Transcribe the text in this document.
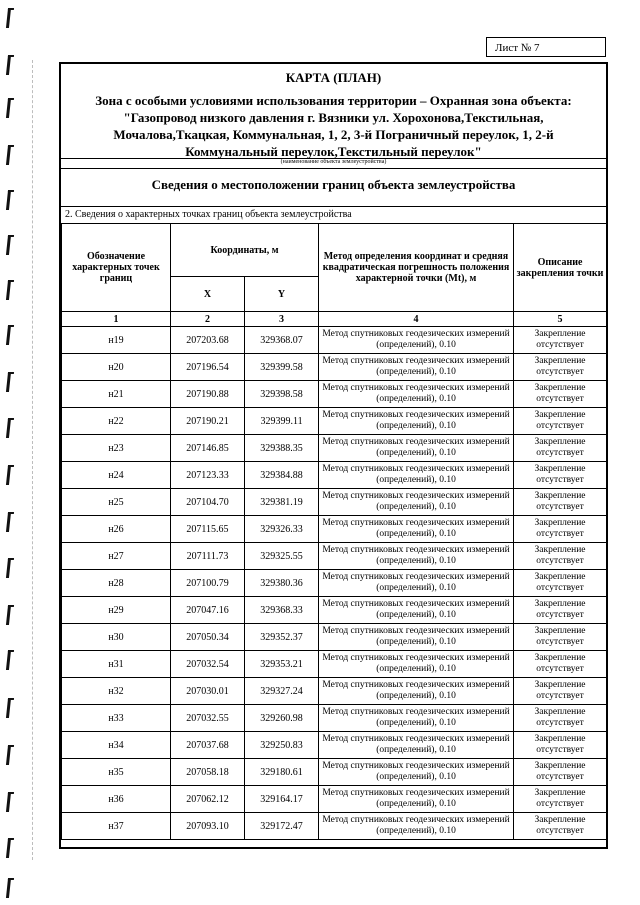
Лист № 7
КАРТА (ПЛАН)
Зона с особыми условиями использования территории – Охранная зона объекта: "Газопровод низкого давления г. Вязники ул. Хорохонова,Текстильная, Мочалова,Ткацкая, Коммунальная, 1, 2, 3-й Пограничный переулок, 1, 2-й Коммунальный переулок,Текстильный переулок"
(наименование объекта землеустройства)
Сведения о местоположении границ объекта землеустройства
2. Сведения о характерных точках границ объекта землеустройства
Обозначение характерных точек границ	Координаты, м		Метод определения координат и средняя квадратическая погрешность положения характерной точки (Mt), м	Описание закрепления точки
	X	Y		
1	2	3	4	5
н19	207203.68	329368.07	Метод спутниковых геодезических измерений (определений), 0.10	Закрепление отсутствует
н20	207196.54	329399.58	Метод спутниковых геодезических измерений (определений), 0.10	Закрепление отсутствует
н21	207190.88	329398.58	Метод спутниковых геодезических измерений (определений), 0.10	Закрепление отсутствует
н22	207190.21	329399.11	Метод спутниковых геодезических измерений (определений), 0.10	Закрепление отсутствует
н23	207146.85	329388.35	Метод спутниковых геодезических измерений (определений), 0.10	Закрепление отсутствует
н24	207123.33	329384.88	Метод спутниковых геодезических измерений (определений), 0.10	Закрепление отсутствует
н25	207104.70	329381.19	Метод спутниковых геодезических измерений (определений), 0.10	Закрепление отсутствует
н26	207115.65	329326.33	Метод спутниковых геодезических измерений (определений), 0.10	Закрепление отсутствует
н27	207111.73	329325.55	Метод спутниковых геодезических измерений (определений), 0.10	Закрепление отсутствует
н28	207100.79	329380.36	Метод спутниковых геодезических измерений (определений), 0.10	Закрепление отсутствует
н29	207047.16	329368.33	Метод спутниковых геодезических измерений (определений), 0.10	Закрепление отсутствует
н30	207050.34	329352.37	Метод спутниковых геодезических измерений (определений), 0.10	Закрепление отсутствует
н31	207032.54	329353.21	Метод спутниковых геодезических измерений (определений), 0.10	Закрепление отсутствует
н32	207030.01	329327.24	Метод спутниковых геодезических измерений (определений), 0.10	Закрепление отсутствует
н33	207032.55	329260.98	Метод спутниковых геодезических измерений (определений), 0.10	Закрепление отсутствует
н34	207037.68	329250.83	Метод спутниковых геодезических измерений (определений), 0.10	Закрепление отсутствует
н35	207058.18	329180.61	Метод спутниковых геодезических измерений (определений), 0.10	Закрепление отсутствует
н36	207062.12	329164.17	Метод спутниковых геодезических измерений (определений), 0.10	Закрепление отсутствует
н37	207093.10	329172.47	Метод спутниковых геодезических измерений (определений), 0.10	Закрепление отсутствует
